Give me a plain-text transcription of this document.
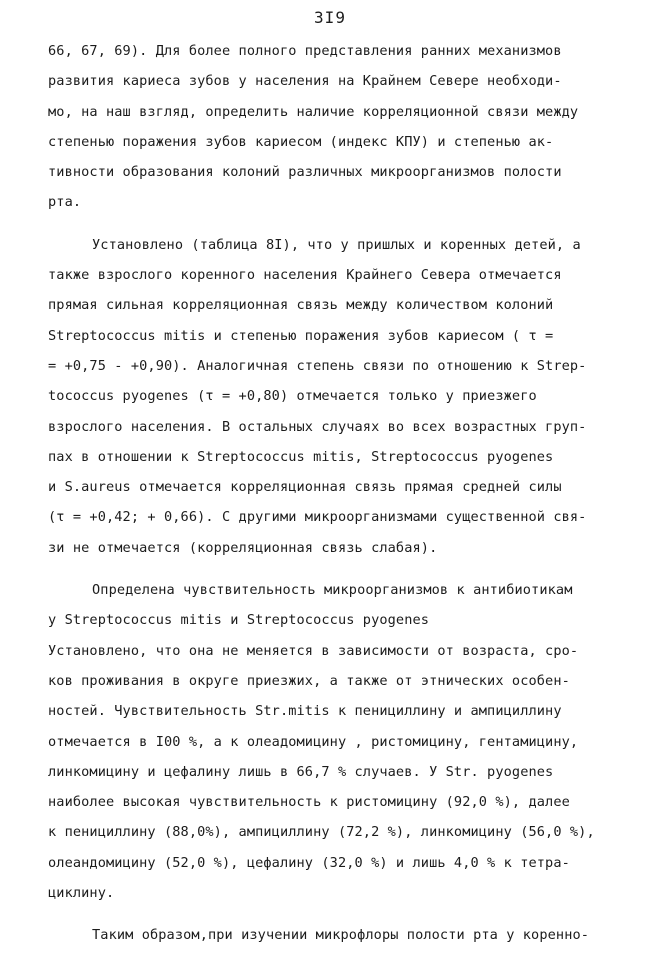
3I9
66, 67, 69). Для более полного представления ранних механизмов
развития кариеса зубов у населения на Крайнем Севере необходи-
мо, на наш взгляд, определить наличие корреляционной связи между
степенью поражения зубов кариесом (индекс КПУ) и степенью ак-
тивности образования колоний различных микроорганизмов полости
рта.
Установлено (таблица 8I), что у пришлых и коренных детей, а
также взрослого коренного населения Крайнего Севера отмечается
прямая сильная корреляционная связь между количеством колоний
Streptococcus mitis и степенью поражения зубов кариесом ( τ =
= +0,75 - +0,90). Аналогичная степень связи по отношению к Strep-
tococcus pyogenes (τ = +0,80) отмечается только у приезжего
взрослого населения. В остальных случаях во всех возрастных груп-
пах в отношении к Streptococcus mitis, Streptococcus pyogenes
и S.aureus отмечается корреляционная связь прямая средней силы
(τ = +0,42; + 0,66). С другими микроорганизмами существенной свя-
зи не отмечается (корреляционная связь слабая).
Определена чувствительность микроорганизмов к антибиотикам
у Streptococcus mitis и Streptococcus pyogenes
Установлено, что она не меняется в зависимости от возраста, сро-
ков проживания в округе приезжих, а также от этнических особен-
ностей. Чувствительность Str.mitis к пенициллину и ампициллину
отмечается в I00 %, а к олеадомицину , ристомицину, гентамицину,
линкомицину и цефалину лишь в 66,7 % случаев. У Str. pyogenes
наиболее высокая чувствительность к ристомицину (92,0 %), далее
к пенициллину (88,0%), ампициллину (72,2 %), линкомицину (56,0 %),
олеандомицину (52,0 %), цефалину (32,0 %) и лишь 4,0 % к тетра-
циклину.
Таким образом,при изучении микрофлоры полости рта у коренно-
